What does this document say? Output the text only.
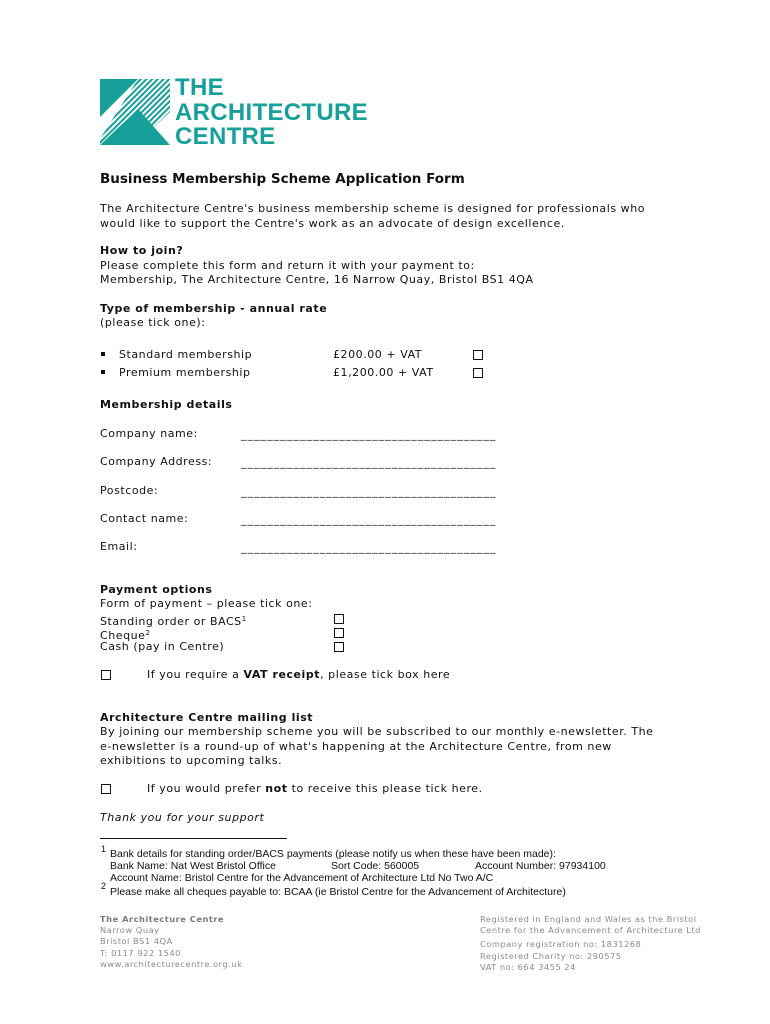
THE
ARCHITECTURE
CENTRE
Business Membership Scheme Application Form
The Architecture Centre's business membership scheme is designed for professionals who would like to support the Centre's work as an advocate of design excellence.
How to join?
Please complete this form and return it with your payment to:
Membership, The Architecture Centre, 16 Narrow Quay, Bristol BS1 4QA
Type of membership - annual rate
(please tick one):
Standard membership	£200.00 + VAT
Premium membership	£1,200.00 + VAT
Membership details
Company name:	_______________________________________
Company Address:	_______________________________________
Postcode:	_______________________________________
Contact name:	_______________________________________
Email:	_______________________________________
Payment options
Form of payment – please tick one:
Standing order or BACS$^1$
Cheque$^2$
Cash (pay in Centre)
If you require a VAT receipt, please tick box here
Architecture Centre mailing list
By joining our membership scheme you will be subscribed to our monthly e-newsletter. The e-newsletter is a round-up of what's happening at the Architecture Centre, from new exhibitions to upcoming talks.
If you would prefer not to receive this please tick here.
Thank you for your support
1 Bank details for standing order/BACS payments (please notify us when these have been made):
Bank Name: Nat West Bristol Office	Sort Code: 560005	Account Number: 97934100
Account Name: Bristol Centre for the Advancement of Architecture Ltd No Two A/C
2 Please make all cheques payable to: BCAA (ie Bristol Centre for the Advancement of Architecture)
The Architecture Centre
Narrow Quay
Bristol BS1 4QA
T: 0117 922 1540
www.architecturecentre.org.uk
Registered in England and Wales as the Bristol
Centre for the Advancement of Architecture Ltd
Company registration no: 1831268
Registered Charity no: 290575
VAT no: 664 3455 24
